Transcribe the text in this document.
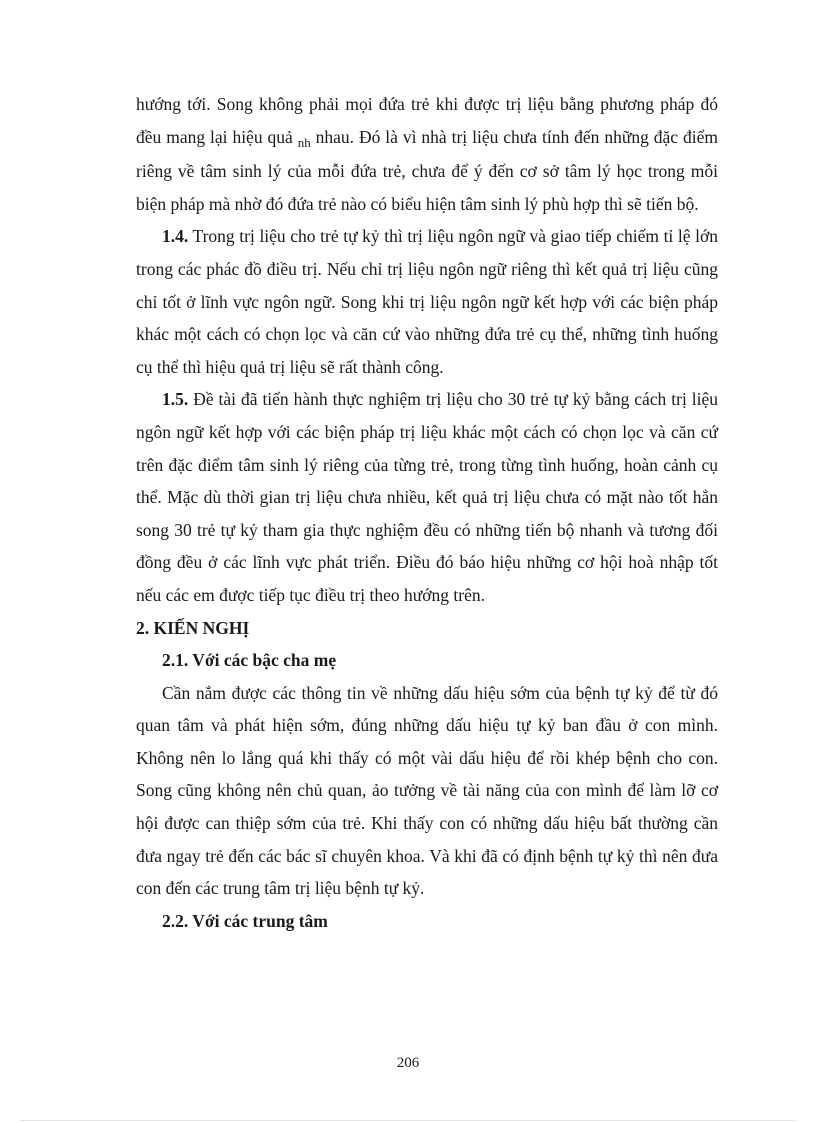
hướng tới. Song không phải mọi đứa trẻ khi được trị liệu bằng phương pháp đó đều mang lại hiệu quả $_{nh}$ nhau. Đó là vì nhà trị liệu chưa tính đến những đặc điểm riêng về tâm sinh lý của mỗi đứa trẻ, chưa để ý đến cơ sở tâm lý học trong mỗi biện pháp mà nhờ đó đứa trẻ nào có biểu hiện tâm sinh lý phù hợp thì sẽ tiến bộ.

1.4. Trong trị liệu cho trẻ tự kỷ thì trị liệu ngôn ngữ và giao tiếp chiếm tỉ lệ lớn trong các phác đồ điều trị. Nếu chỉ trị liệu ngôn ngữ riêng thì kết quả trị liệu cũng chỉ tốt ở lĩnh vực ngôn ngữ. Song khi trị liệu ngôn ngữ kết hợp với các biện pháp khác một cách có chọn lọc và căn cứ vào những đứa trẻ cụ thể, những tình huống cụ thể thì hiệu quả trị liệu sẽ rất thành công.

1.5. Đề tài đã tiến hành thực nghiệm trị liệu cho 30 trẻ tự kỷ bằng cách trị liệu ngôn ngữ kết hợp với các biện pháp trị liệu khác một cách có chọn lọc và căn cứ trên đặc điểm tâm sinh lý riêng của từng trẻ, trong từng tình huống, hoàn cảnh cụ thể. Mặc dù thời gian trị liệu chưa nhiều, kết quả trị liệu chưa có mặt nào tốt hẳn song 30 trẻ tự kỷ tham gia thực nghiệm đều có những tiến bộ nhanh và tương đối đồng đều ở các lĩnh vực phát triển. Điều đó báo hiệu những cơ hội hoà nhập tốt nếu các em được tiếp tục điều trị theo hướng trên.

2. KIẾN NGHỊ

2.1. Với các bậc cha mẹ

Cần nắm được các thông tin về những dấu hiệu sớm của bệnh tự kỷ để từ đó quan tâm và phát hiện sớm, đúng những dấu hiệu tự kỷ ban đầu ở con mình. Không nên lo lắng quá khi thấy có một vài dấu hiệu để rồi khép bệnh cho con. Song cũng không nên chủ quan, ảo tưởng về tài năng của con mình để làm lỡ cơ hội được can thiệp sớm của trẻ. Khi thấy con có những dấu hiệu bất thường cần đưa ngay trẻ đến các bác sĩ chuyên khoa. Và khi đã có định bệnh tự kỷ thì nên đưa con đến các trung tâm trị liệu bệnh tự kỷ.

2.2. Với các trung tâm

206
